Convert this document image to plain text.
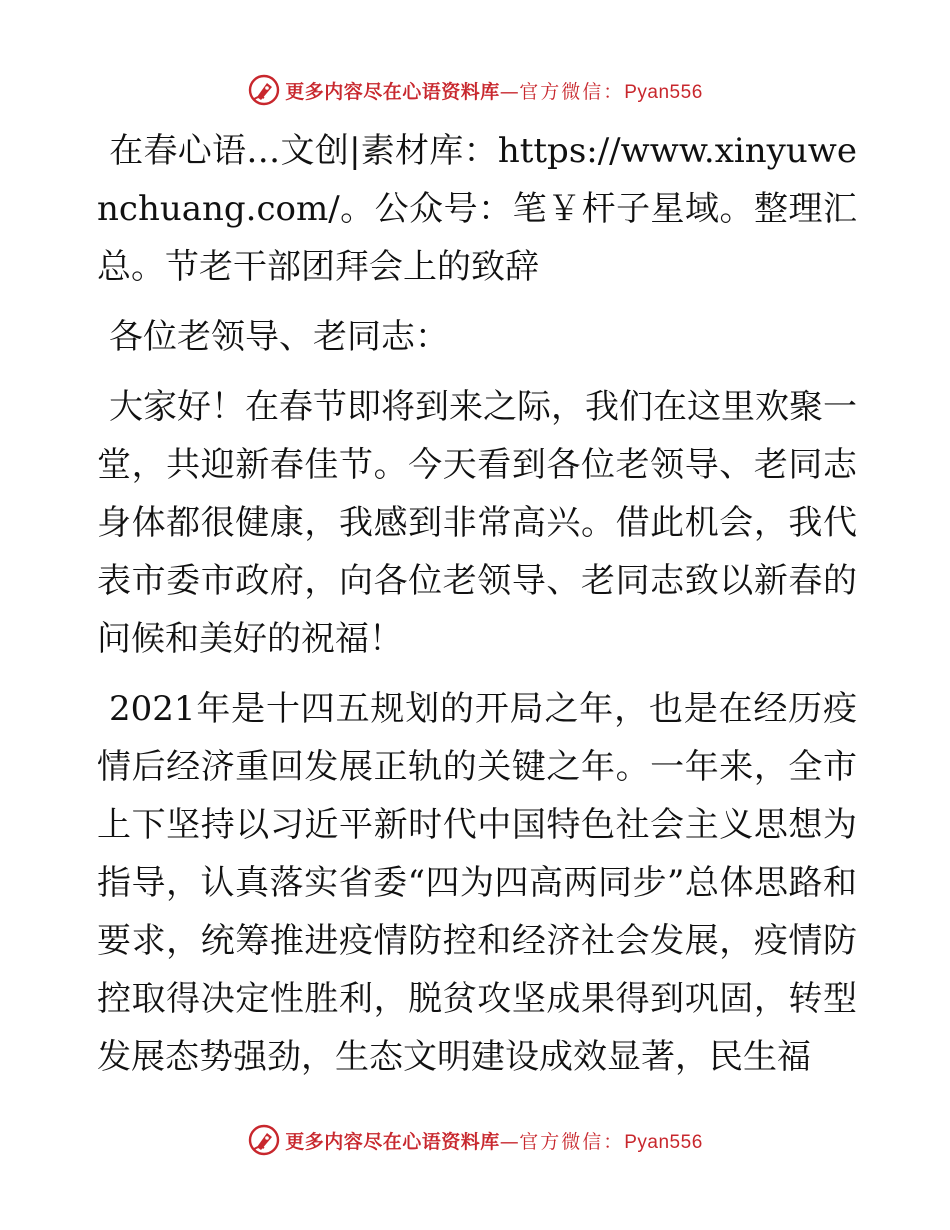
更多内容尽在心语资料库—官方微信：Pyan556

在春心语…文创|素材库：https://www.xinyuwenchuang.com/。公众号：笔￥杆子星域。整理汇总。节老干部团拜会上的致辞

各位老领导、老同志：

大家好！在春节即将到来之际，我们在这里欢聚一堂，共迎新春佳节。今天看到各位老领导、老同志身体都很健康，我感到非常高兴。借此机会，我代表市委市政府，向各位老领导、老同志致以新春的问候和美好的祝福！

2021年是十四五规划的开局之年，也是在经历疫情后经济重回发展正轨的关键之年。一年来，全市上下坚持以习近平新时代中国特色社会主义思想为指导，认真落实省委“四为四高两同步”总体思路和要求，统筹推进疫情防控和经济社会发展，疫情防控取得决定性胜利，脱贫攻坚成果得到巩固，转型发展态势强劲，生态文明建设成效显著，民生福

更多内容尽在心语资料库—官方微信：Pyan556
